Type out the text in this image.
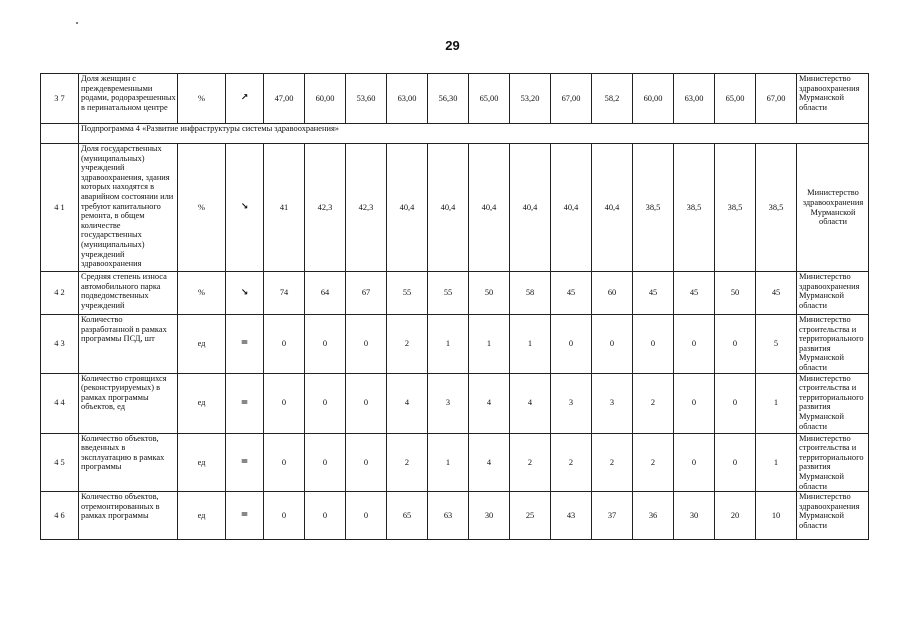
29
3 7	Доля женщин с преждевременными родами, родоразрешенных в перинатальном центре	%	↗	47,00	60,00	53,60	63,00	56,30	65,00	53,20	67,00	58,2	60,00	63,00	65,00	67,00	Министерство здравоохранения Мурманской области
	Подпрограмма 4 «Развитие инфраструктуры системы здравоохранения»																
4 1	Доля государственных (муниципальных) учреждений здравоохранения, здания которых находятся в аварийном состоянии или требуют капитального ремонта, в общем количестве государственных (муниципальных) учреждений здравоохранения	%	↘	41	42,3	42,3	40,4	40,4	40,4	40,4	40,4	40,4	38,5	38,5	38,5	38,5	Министерство здравоохранения Мурманской области
4 2	Средняя степень износа автомобильного парка подведомственных учреждений	%	↘	74	64	67	55	55	50	58	45	60	45	45	50	45	Министерство здравоохранения Мурманской области
4 3	Количество разработанной в рамках программы ПСД, шт	ед	=	0	0	0	2	1	1	1	0	0	0	0	0	5	Министерство строительства и территориального развития Мурманской области
4 4	Количество строящихся (реконструируемых) в рамках программы объектов, ед	ед	=	0	0	0	4	3	4	4	3	3	2	0	0	1	Министерство строительства и территориального развития Мурманской области
4 5	Количество объектов, введенных в эксплуатацию в рамках программы	ед	=	0	0	0	2	1	4	2	2	2	2	0	0	1	Министерство строительства и территориального развития Мурманской области
4 6	Количество объектов, отремонтированных в рамках программы	ед	=	0	0	0	65	63	30	25	43	37	36	30	20	10	Министерство здравоохранения Мурманской области
